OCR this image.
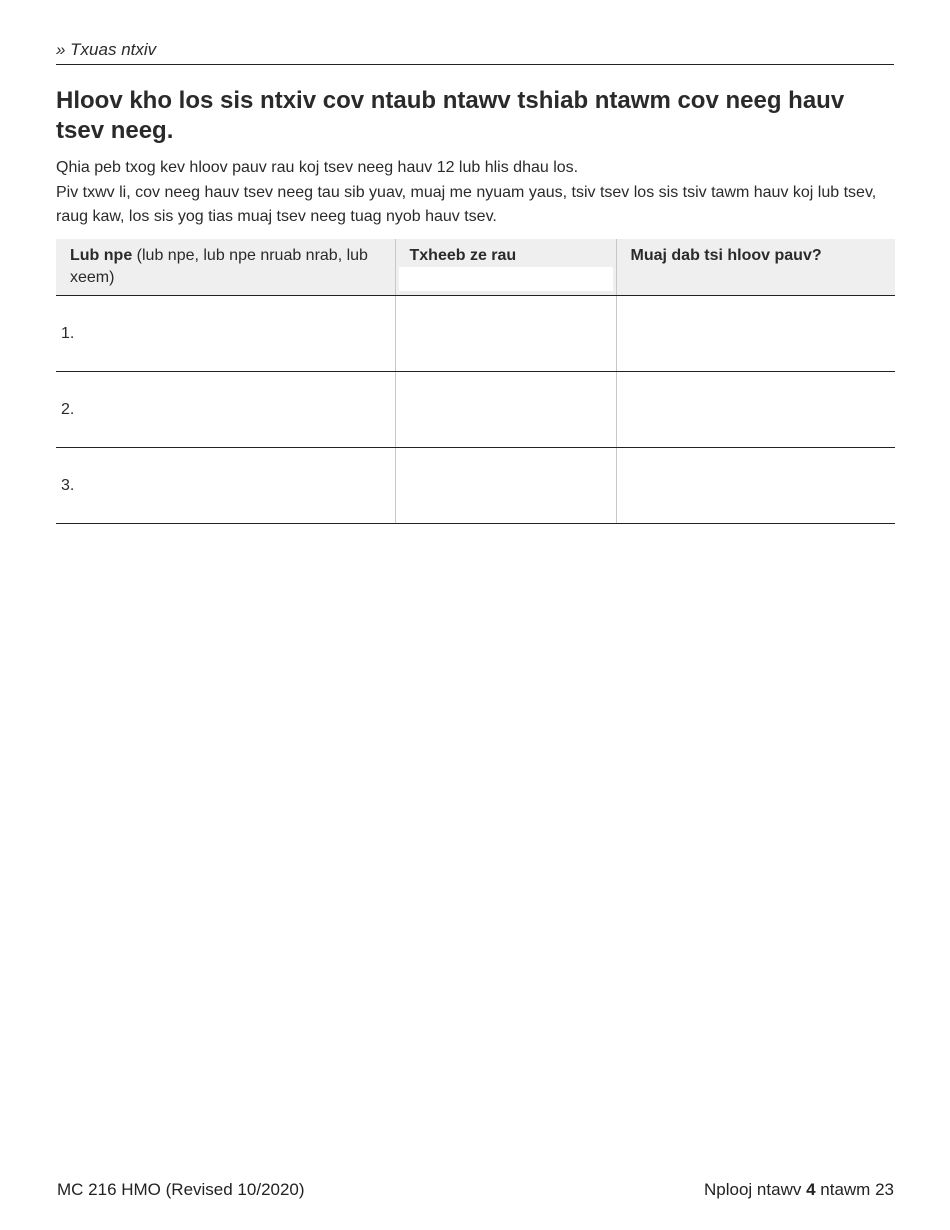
» Txuas ntxiv
Hloov kho los sis ntxiv cov ntaub ntawv tshiab ntawm cov neeg hauv tsev neeg.

Qhia peb txog kev hloov pauv rau koj tsev neeg hauv 12 lub hlis dhau los.

Piv txwv li, cov neeg hauv tsev neeg tau sib yuav, muaj me nyuam yaus, tsiv tsev los sis tsiv tawm hauv koj lub tsev, raug kaw, los sis yog tias muaj tsev neeg tuag nyob hauv tsev.

Lub npe (lub npe, lub npe nruab nrab, lub xeem)	Txheeb ze rau	Muaj dab tsi hloov pauv?
1.	

2.	

3.	

MC 216 HMO (Revised 10/2020)	Nplooj ntawv 4 ntawm 23
